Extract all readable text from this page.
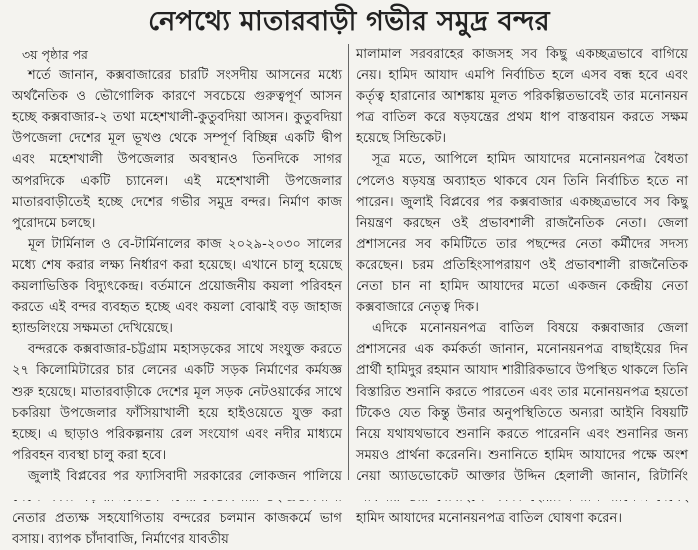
নেপথ্যে মাতারবাড়ী গভীর সমুদ্র বন্দর

৩য় পৃষ্ঠার পর

শর্তে জানান, কক্সবাজারের চারটি সংসদীয় আসনের মধ্যে অর্থনৈতিক ও ভৌগোলিক কারণে সবচেয়ে গুরুত্বপূর্ণ আসন হচ্ছে কক্সবাজার-২ তথা মহেশখালী-কুতুবদিয়া আসন। কুতুবদিয়া উপজেলা দেশের মূল ভূখণ্ড থেকে সম্পূর্ণ বিচ্ছিন্ন একটি দ্বীপ এবং মহেশখালী উপজেলার অবস্থানও তিনদিকে সাগর অপরদিকে একটি চ্যানেল। এই মহেশখালী উপজেলার মাতারবাড়ীতেই হচ্ছে দেশের গভীর সমুদ্র বন্দর। নির্মাণ কাজ পুরোদমে চলছে।

মূল টার্মিনাল ও বে-টার্মিনালের কাজ ২০২৯-২০৩০ সালের মধ্যে শেষ করার লক্ষ্য নির্ধারণ করা হয়েছে। এখানে চালু হয়েছে কয়লাভিত্তিক বিদ্যুৎকেন্দ্র। বর্তমানে প্রয়োজনীয় কয়লা পরিবহন করতে এই বন্দর ব্যবহৃত হচ্ছে এবং কয়লা বোঝাই বড় জাহাজ হ্যান্ডলিংয়ে সক্ষমতা দেখিয়েছে।

বন্দরকে কক্সবাজার-চট্টগ্রাম মহাসড়কের সাথে সংযুক্ত করতে ২৭ কিলোমিটারের চার লেনের একটি সড়ক নির্মাণের কর্মযজ্ঞ শুরু হয়েছে। মাতারবাড়ীকে দেশের মূল সড়ক নেটওয়ার্কের সাথে চকরিয়া উপজেলার ফাঁসিয়াখালী হয়ে হাইওয়েতে যুক্ত করা হচ্ছে। এ ছাড়াও পরিকল্পনায় রেল সংযোগ এবং নদীর মাধ্যমে পরিবহন ব্যবস্থা চালু করা হবে।

জুলাই বিপ্লবের পর ফ্যাসিবাদী সরকারের লোকজন পালিয়ে নেতার প্রত্যক্ষ সহযোগিতায় বন্দরের চলমান কাজকর্মে ভাগ বসায়। ব্যাপক চাঁদাবাজি, নির্মাণের যাবতীয়

মালামাল সরবরাহের কাজসহ সব কিছু একচ্ছত্রভাবে বাগিয়ে নেয়। হামিদ আযাদ এমপি নির্বাচিত হলে এসব বন্ধ হবে এবং কর্তৃত্ব হারানোর আশঙ্কায় মূলত পরিকল্পিতভাবেই তার মনোনয়ন পত্র বাতিল করে ষড়যন্ত্রের প্রথম ধাপ বাস্তবায়ন করতে সক্ষম হয়েছে সিন্ডিকেট।

সূত্র মতে, আপিলে হামিদ আযাদের মনোনয়নপত্র বৈধতা পেলেও ষড়যন্ত্র অব্যাহত থাকবে যেন তিনি নির্বাচিত হতে না পারেন। জুলাই বিপ্লবের পর কক্সবাজার একচ্ছত্রভাবে সব কিছু নিয়ন্ত্রণ করছেন ওই প্রভাবশালী রাজনৈতিক নেতা। জেলা প্রশাসনের সব কমিটিতে তার পছন্দের নেতা কর্মীদের সদস্য করেছেন। চরম প্রতিহিংসাপরায়ণ ওই প্রভাবশালী রাজনৈতিক নেতা চান না হামিদ আযাদের মতো একজন কেন্দ্রীয় নেতা কক্সবাজারে নেতৃত্ব দিক।

এদিকে মনোনয়নপত্র বাতিল বিষয়ে কক্সবাজার জেলা প্রশাসনের এক কর্মকর্তা জানান, মনোনয়নপত্র বাছাইয়ের দিন প্রার্থী হামিদুর রহমান আযাদ শারীরিকভাবে উপস্থিত থাকলে তিনি বিস্তারিত শুনানি করতে পারতেন এবং তার মনোনয়নপত্র হয়তো টিকেও যেত কিন্তু উনার অনুপস্থিতিতে অন্যরা আইনি বিষয়টি নিয়ে যথাযথভাবে শুনানি করতে পারেননি এবং শুনানির জন্য সময়ও প্রার্থনা করেননি। শুনানিতে হামিদ আযাদের পক্ষে অংশ নেয়া অ্যাডভোকেট আক্তার উদ্দিন হেলালী জানান, রিটার্নিং হামিদ আযাদের মনোনয়নপত্র বাতিল ঘোষণা করেন।
